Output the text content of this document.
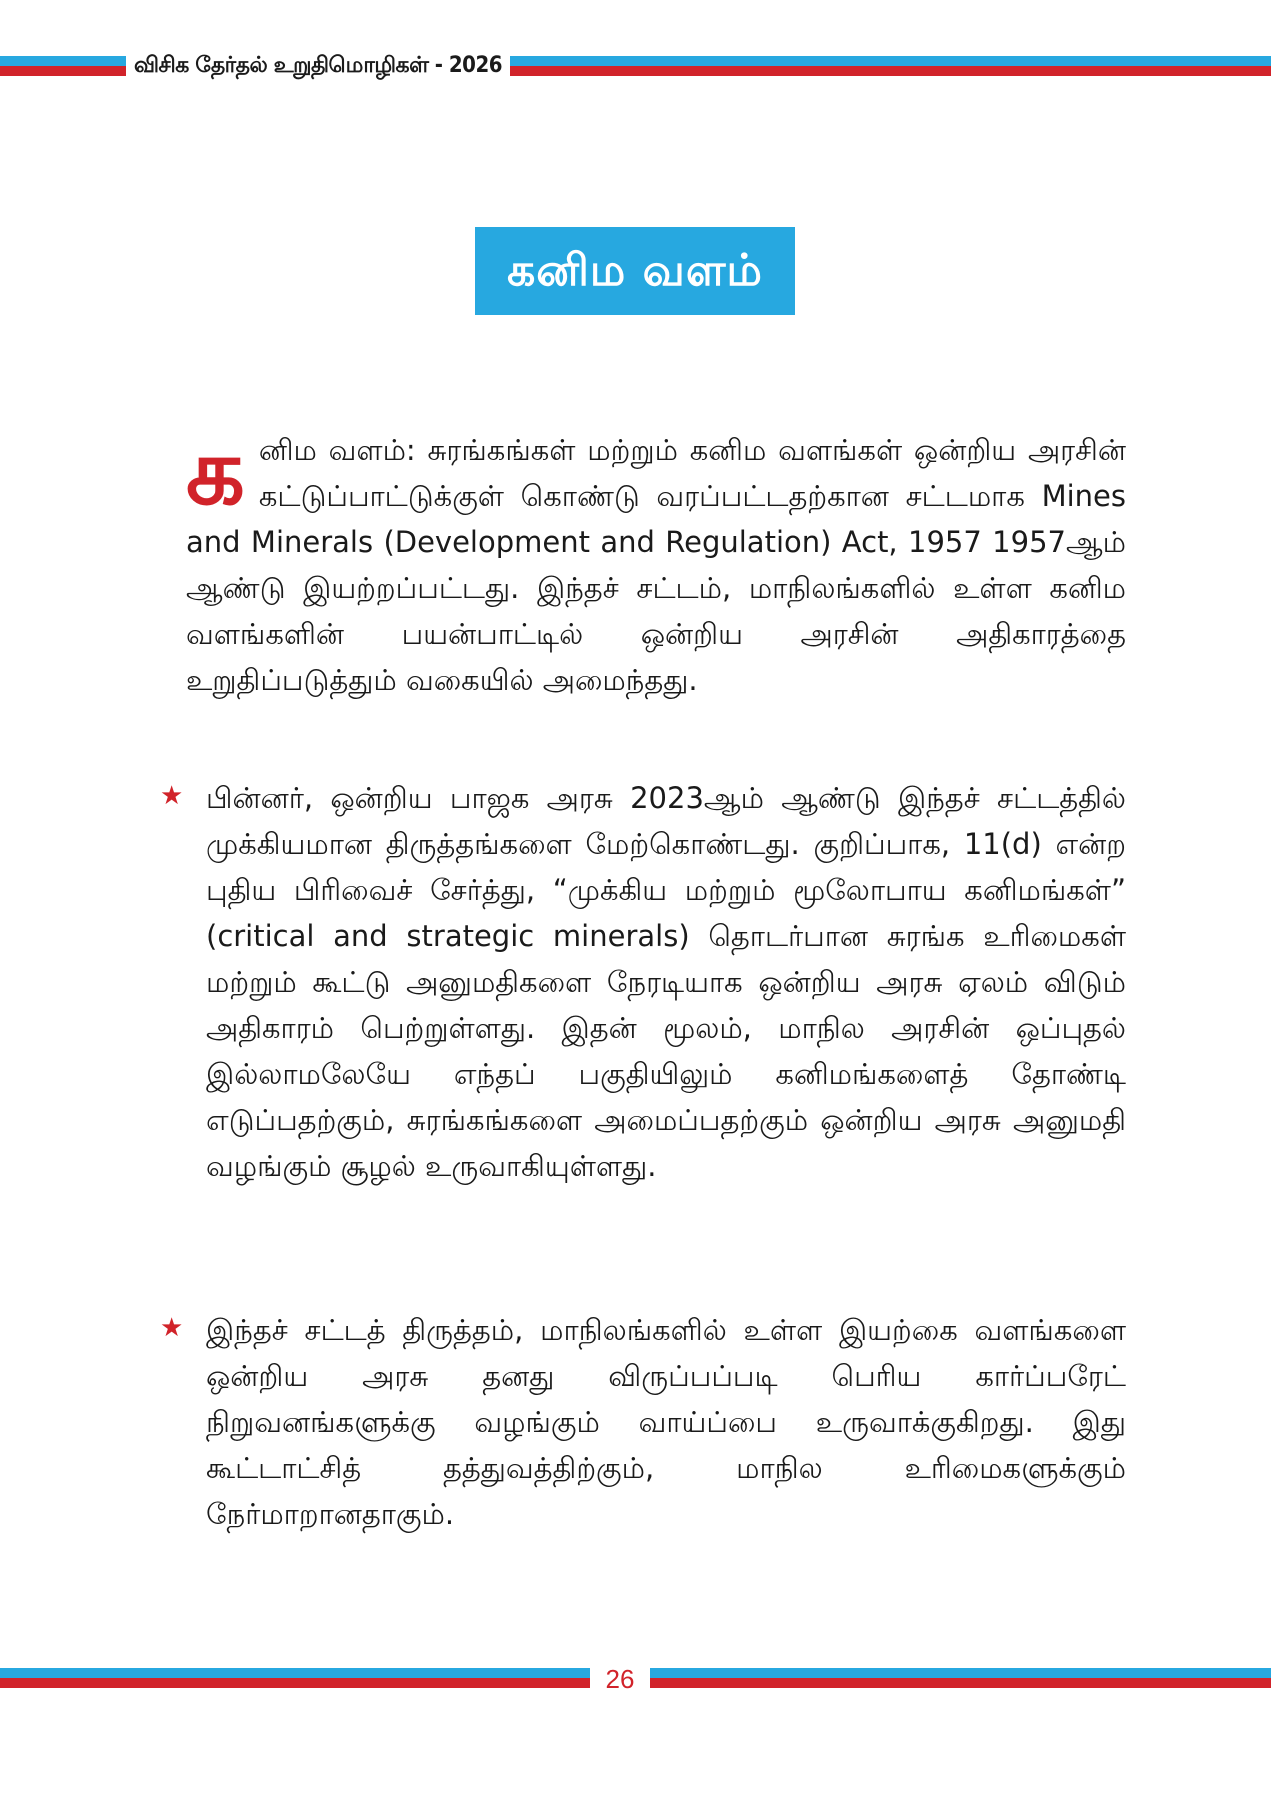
விசிக தேர்தல் உறுதிமொழிகள் - 2026
கனிம வளம்
க னிம வளம்: சுரங்கங்கள் மற்றும் கனிம வளங்கள் ஒன்றிய அரசின் கட்டுப்பாட்டுக்குள் கொண்டு வரப்பட்டதற்கான சட்டமாக Mines and Minerals (Development and Regulation) Act, 1957 1957ஆம் ஆண்டு இயற்றப்பட்டது. இந்தச் சட்டம், மாநிலங்களில் உள்ள கனிம வளங்களின் பயன்பாட்டில் ஒன்றிய அரசின் அதிகாரத்தை உறுதிப்படுத்தும் வகையில் அமைந்தது.
★ பின்னர், ஒன்றிய பாஜக அரசு 2023ஆம் ஆண்டு இந்தச் சட்டத்தில் முக்கியமான திருத்தங்களை மேற்கொண்டது. குறிப்பாக, 11(d) என்ற புதிய பிரிவைச் சேர்த்து, “முக்கிய மற்றும் மூலோபாய கனிமங்கள்” (critical and strategic minerals) தொடர்பான சுரங்க உரிமைகள் மற்றும் கூட்டு அனுமதிகளை நேரடியாக ஒன்றிய அரசு ஏலம் விடும் அதிகாரம் பெற்றுள்ளது. இதன் மூலம், மாநில அரசின் ஒப்புதல் இல்லாமலேயே எந்தப் பகுதியிலும் கனிமங்களைத் தோண்டி எடுப்பதற்கும், சுரங்கங்களை அமைப்பதற்கும் ஒன்றிய அரசு அனுமதி வழங்கும் சூழல் உருவாகியுள்ளது.
★ இந்தச் சட்டத் திருத்தம், மாநிலங்களில் உள்ள இயற்கை வளங்களை ஒன்றிய அரசு தனது விருப்பப்படி பெரிய கார்ப்பரேட் நிறுவனங்களுக்கு வழங்கும் வாய்ப்பை உருவாக்குகிறது. இது கூட்டாட்சித் தத்துவத்திற்கும், மாநில உரிமைகளுக்கும் நேர்மாறானதாகும்.
26
